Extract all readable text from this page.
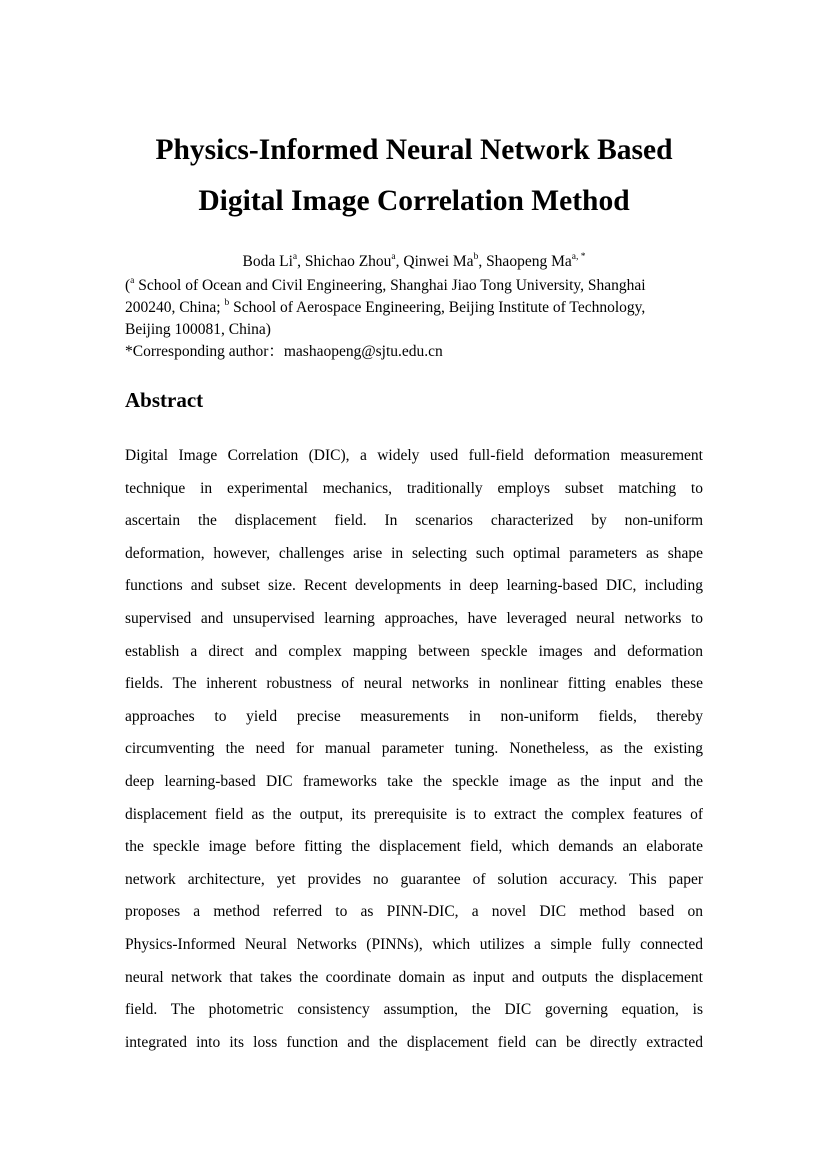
Physics-Informed Neural Network Based
Digital Image Correlation Method

Boda Li$^a$, Shichao Zhou$^a$, Qinwei Ma$^b$, Shaopeng $Ma^{a, *}$

($^a$ School of Ocean and Civil Engineering, Shanghai Jiao Tong University, Shanghai

200240, China; $^b$ School of Aerospace Engineering, Beijing Institute of Technology,

Beijing 100081, China)

*Corresponding author：mashaopeng@sjtu.edu.cn

Abstract
Digital Image Correlation (DIC), a widely used full-field deformation measurement
technique in experimental mechanics, traditionally employs subset matching to
ascertain the displacement field. In scenarios characterized by non-uniform
deformation, however, challenges arise in selecting such optimal parameters as shape
functions and subset size. Recent developments in deep learning-based DIC, including
supervised and unsupervised learning approaches, have leveraged neural networks to
establish a direct and complex mapping between speckle images and deformation
fields. The inherent robustness of neural networks in nonlinear fitting enables these
approaches to yield precise measurements in non-uniform fields, thereby
circumventing the need for manual parameter tuning. Nonetheless, as the existing
deep learning-based DIC frameworks take the speckle image as the input and the
displacement field as the output, its prerequisite is to extract the complex features of
the speckle image before fitting the displacement field, which demands an elaborate
network architecture, yet provides no guarantee of solution accuracy. This paper
proposes a method referred to as PINN-DIC, a novel DIC method based on
Physics-Informed Neural Networks (PINNs), which utilizes a simple fully connected
neural network that takes the coordinate domain as input and outputs the displacement
field. The photometric consistency assumption, the DIC governing equation, is
integrated into its loss function and the displacement field can be directly extracted
